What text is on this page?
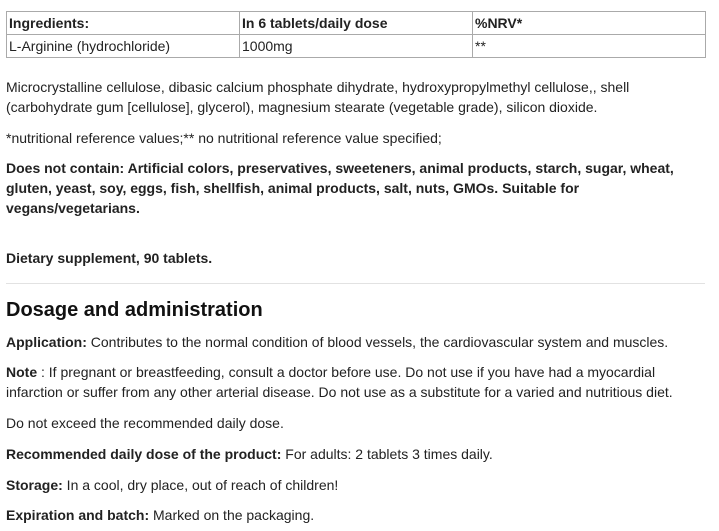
Ingredients:	In 6 tablets/daily dose	%NRV*
L-Arginine (hydrochloride)	1000mg	**

Microcrystalline cellulose, dibasic calcium phosphate dihydrate, hydroxypropylmethyl cellulose,, shell (carbohydrate gum [cellulose], glycerol), magnesium stearate (vegetable grade), silicon dioxide.

*nutritional reference values;** no nutritional reference value specified;

Does not contain: Artificial colors, preservatives, sweeteners, animal products, starch, sugar, wheat, gluten, yeast, soy, eggs, fish, shellfish, animal products, salt, nuts, GMOs. Suitable for vegans/vegetarians.

Dietary supplement, 90 tablets.

Dosage and administration

Application: Contributes to the normal condition of blood vessels, the cardiovascular system and muscles.

Note : If pregnant or breastfeeding, consult a doctor before use. Do not use if you have had a myocardial infarction or suffer from any other arterial disease. Do not use as a substitute for a varied and nutritious diet.

Do not exceed the recommended daily dose.

Recommended daily dose of the product: For adults: 2 tablets 3 times daily.

Storage: In a cool, dry place, out of reach of children!

Expiration and batch: Marked on the packaging.
